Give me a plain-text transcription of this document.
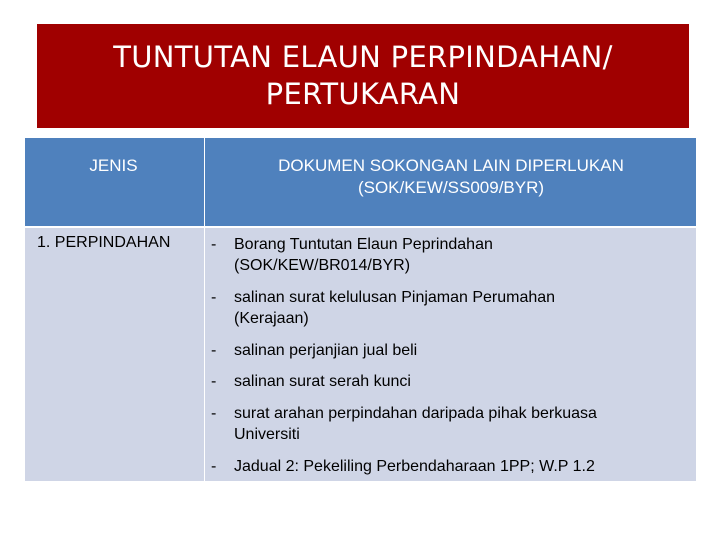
TUNTUTAN ELAUN PERPINDAHAN/
PERTUKARAN
JENIS	DOKUMEN SOKONGAN LAIN DIPERLUKAN
(SOK/KEW/SS009/BYR)
1. PERPINDAHAN	- Borang Tuntutan Elaun Peprindahan
(SOK/KEW/BR014/BYR)
- salinan surat kelulusan Pinjaman Perumahan
(Kerajaan)
- salinan perjanjian jual beli
- salinan surat serah kunci
- surat arahan perpindahan daripada pihak berkuasa
Universiti
- Jadual 2: Pekeliling Perbendaharaan 1PP; W.P 1.2
